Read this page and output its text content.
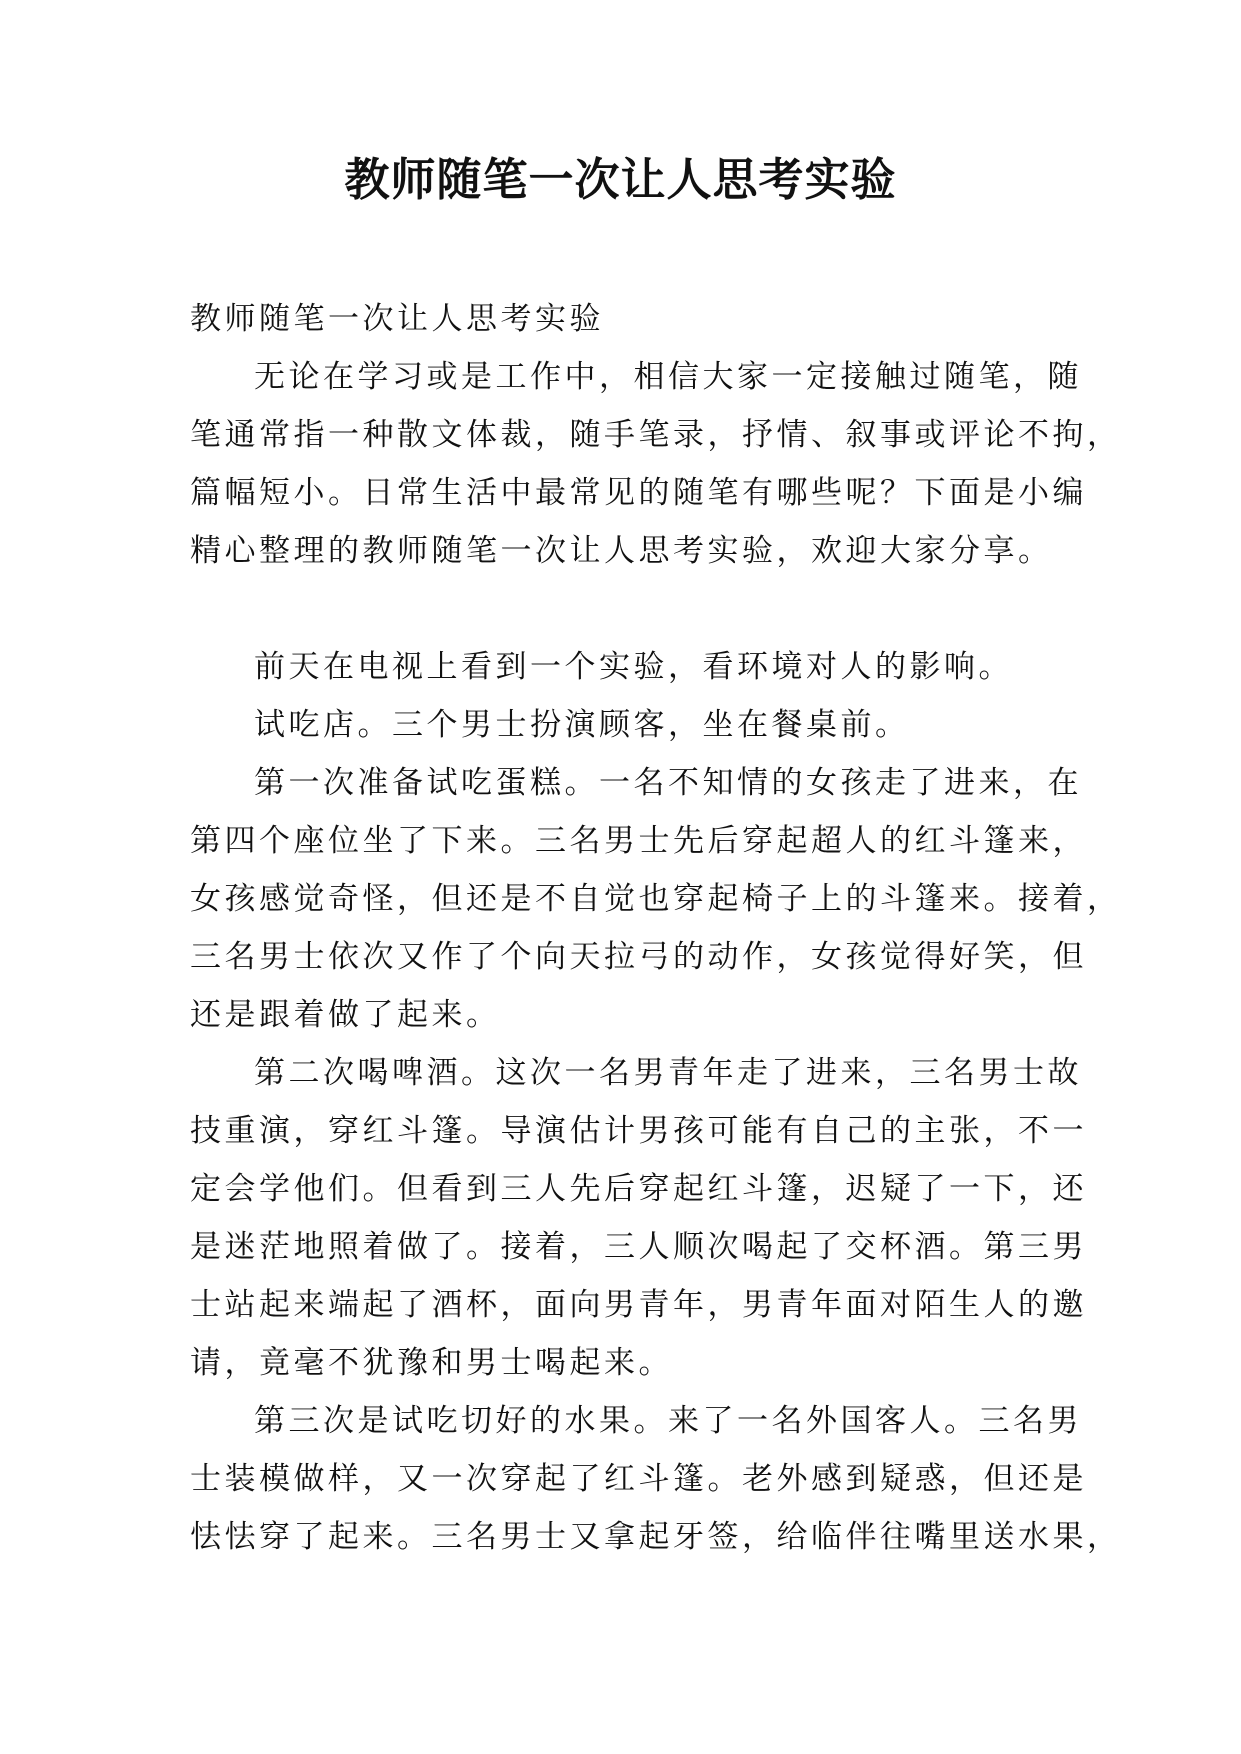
教师随笔一次让人思考实验

教师随笔一次让人思考实验

无论在学习或是工作中，相信大家一定接触过随笔，随

笔通常指一种散文体裁，随手笔录，抒情、叙事或评论不拘，

篇幅短小。日常生活中最常见的随笔有哪些呢？下面是小编

精心整理的教师随笔一次让人思考实验，欢迎大家分享。

前天在电视上看到一个实验，看环境对人的影响。

试吃店。三个男士扮演顾客，坐在餐桌前。

第一次准备试吃蛋糕。一名不知情的女孩走了进来，在

第四个座位坐了下来。三名男士先后穿起超人的红斗篷来，

女孩感觉奇怪，但还是不自觉也穿起椅子上的斗篷来。接着，

三名男士依次又作了个向天拉弓的动作，女孩觉得好笑，但

还是跟着做了起来。

第二次喝啤酒。这次一名男青年走了进来，三名男士故

技重演，穿红斗篷。导演估计男孩可能有自己的主张，不一

定会学他们。但看到三人先后穿起红斗篷，迟疑了一下，还

是迷茫地照着做了。接着，三人顺次喝起了交杯酒。第三男

士站起来端起了酒杯，面向男青年，男青年面对陌生人的邀

请，竟毫不犹豫和男士喝起来。

第三次是试吃切好的水果。来了一名外国客人。三名男

士装模做样，又一次穿起了红斗篷。老外感到疑惑，但还是

怯怯穿了起来。三名男士又拿起牙签，给临伴往嘴里送水果，
